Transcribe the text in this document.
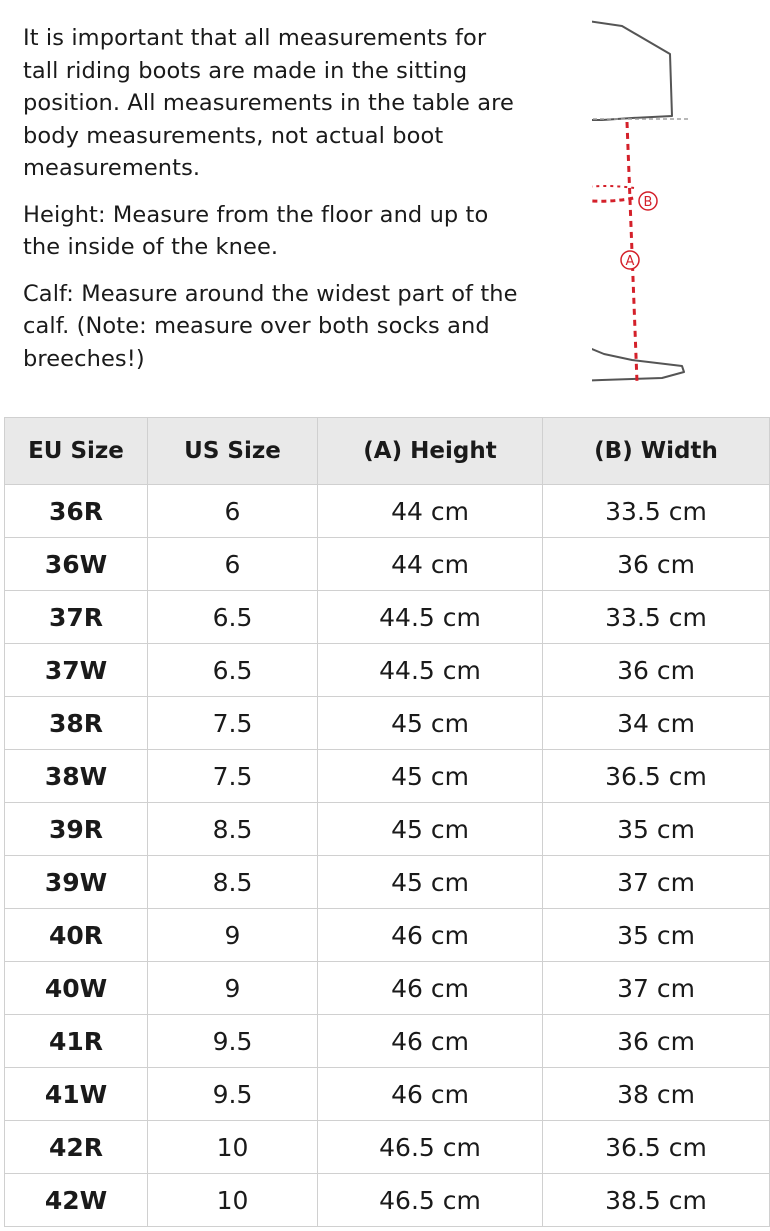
It is important that all measurements for tall riding boots are made in the sitting position. All measurements in the table are body measurements, not actual boot measurements.

Height: Measure from the floor and up to the inside of the knee.

Calf: Measure around the widest part of the calf. (Note: measure over both socks and breeches!)

B
A
EU Size	US Size	(A) Height	(B) Width
36R	6	44 cm	33.5 cm
36W	6	44 cm	36 cm
37R	6.5	44.5 cm	33.5 cm
37W	6.5	44.5 cm	36 cm
38R	7.5	45 cm	34 cm
38W	7.5	45 cm	36.5 cm
39R	8.5	45 cm	35 cm
39W	8.5	45 cm	37 cm
40R	9	46 cm	35 cm
40W	9	46 cm	37 cm
41R	9.5	46 cm	36 cm
41W	9.5	46 cm	38 cm
42R	10	46.5 cm	36.5 cm
42W	10	46.5 cm	38.5 cm
